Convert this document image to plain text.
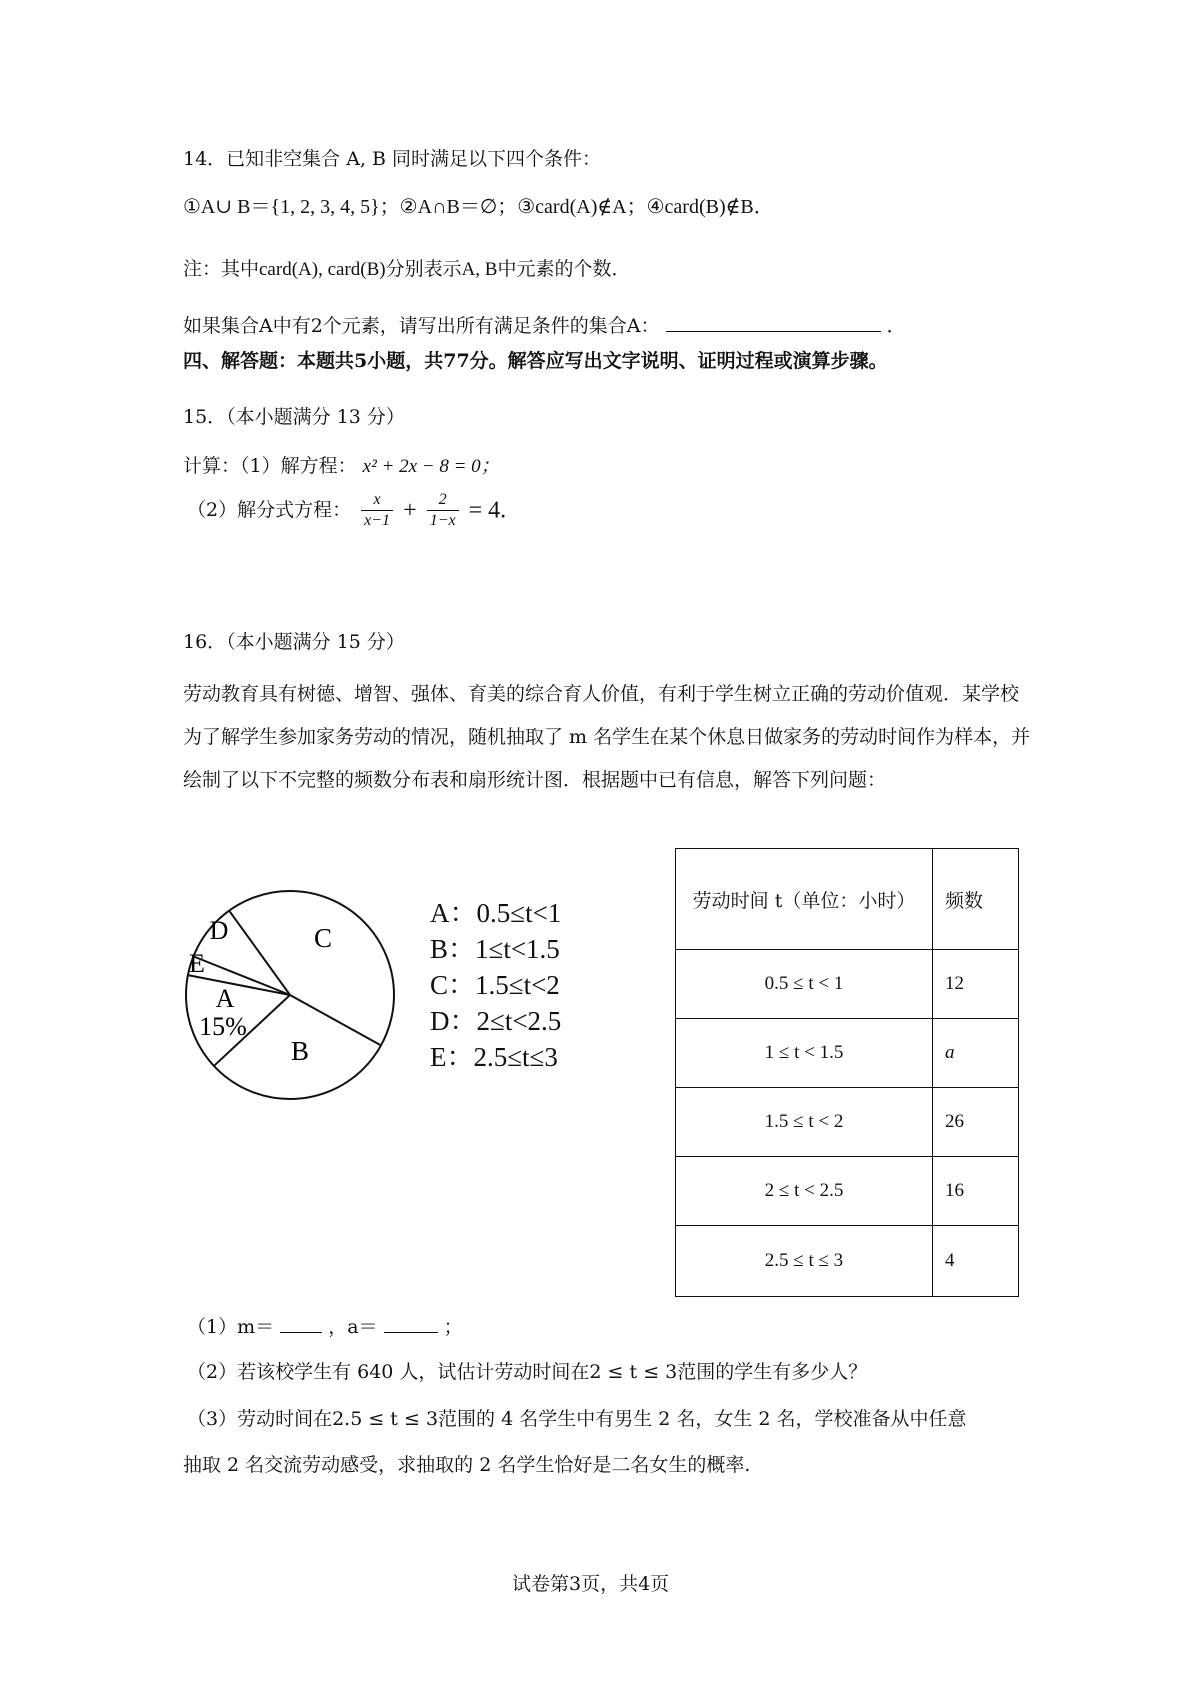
14．已知非空集合 A, B 同时满足以下四个条件：
①A∪ B＝{1, 2, 3, 4, 5}；②A∩B＝∅；③card(A)∉A；④card(B)∉B．
注：其中card(A), card(B)分别表示A, B中元素的个数．
如果集合A中有2个元素，请写出所有满足条件的集合A：	．
四、解答题：本题共5小题，共77分。解答应写出文字说明、证明过程或演算步骤。
15．（本小题满分 13 分）
计算：（1）解方程： x² + 2x − 8 = 0；
（2）解分式方程： $\frac{x}{x-1} + \frac{2}{1-x} = 4$.
16．（本小题满分 15 分）
劳动教育具有树德、增智、强体、育美的综合育人价值，有利于学生树立正确的劳动价值观．某学校为了解学生参加家务劳动的情况，随机抽取了 m 名学生在某个休息日做家务的劳动时间作为样本，并绘制了以下不完整的频数分布表和扇形统计图．根据题中已有信息，解答下列问题：
C
D
E
A
15%
B
A：0.5≤t<1
B：1≤t<1.5
C：1.5≤t<2
D：2≤t<2.5
E：2.5≤t≤3
劳动时间 t（单位：小时）	频数
0.5 ≤ t < 1	12
1 ≤ t < 1.5	a
1.5 ≤ t < 2	26
2 ≤ t < 2.5	16
2.5 ≤ t ≤ 3	4
（1）m＝	，a＝	；
（2）若该校学生有 640 人，试估计劳动时间在2 ≤ t ≤ 3范围的学生有多少人？
（3）劳动时间在2.5 ≤ t ≤ 3范围的 4 名学生中有男生 2 名，女生 2 名，学校准备从中任意
抽取 2 名交流劳动感受，求抽取的 2 名学生恰好是二名女生的概率.
试卷第3页，共4页
